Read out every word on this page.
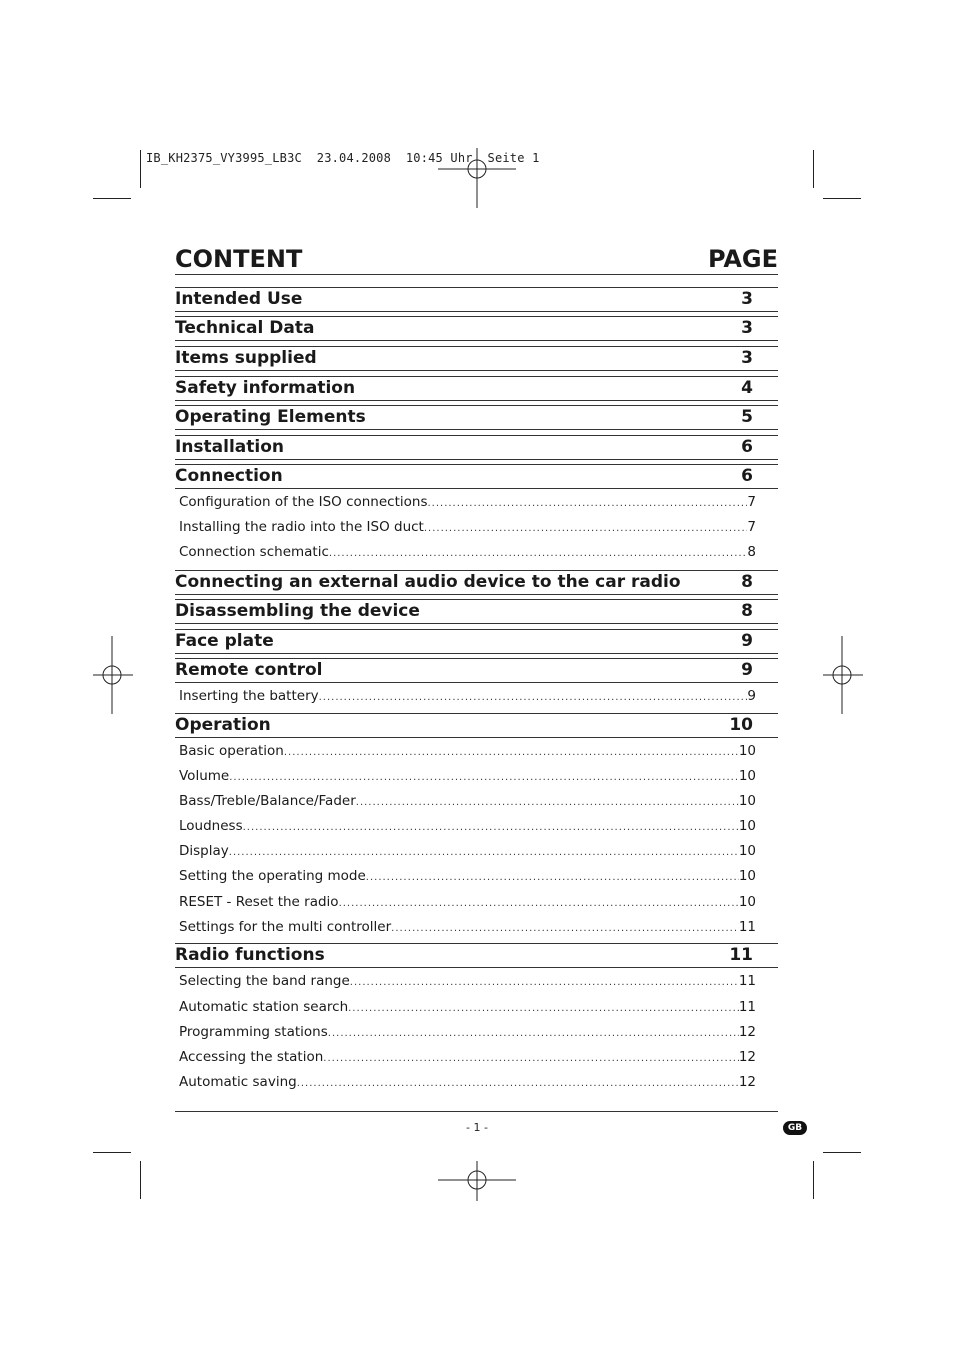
IB_KH2375_VY3995_LB3C  23.04.2008  10:45 Uhr  Seite 1
CONTENT	PAGE
Intended Use	3
Technical Data	3
Items supplied	3
Safety information	4
Operating Elements	5
Installation	6
Connection	6
Configuration of the ISO connections .....	7
Installing the radio into the ISO duct .....	7
Connection schematic .....	8
Connecting an external audio device to the car radio	8
Disassembling the device	8
Face plate	9
Remote control	9
Inserting the battery .....	9
Operation	10
Basic operation .....	10
Volume .....	10
Bass/Treble/Balance/Fader .....	10
Loudness .....	10
Display .....	10
Setting the operating mode .....	10
RESET - Reset the radio .....	10
Settings for the multi controller .....	11
Radio functions	11
Selecting the band range .....	11
Automatic station search .....	11
Programming stations .....	12
Accessing the station .....	12
Automatic saving .....	12
- 1 -	GB
